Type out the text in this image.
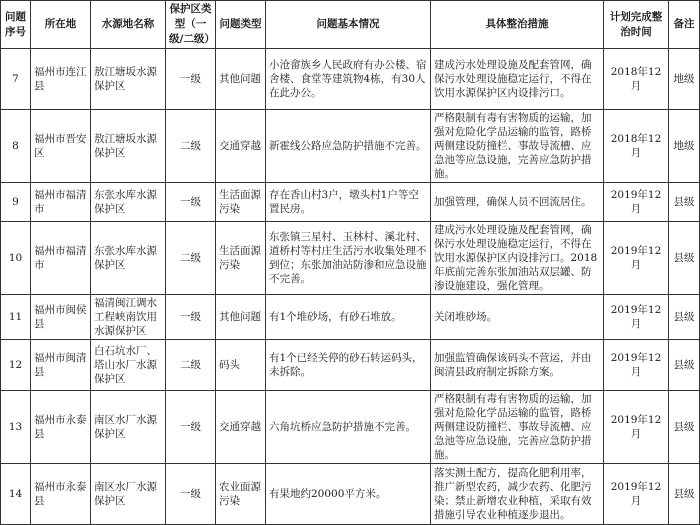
问题序号	所在地	水源地名称	保护区类型（一级/二级）	问题类型	问题基本情况	具体整治措施	计划完成整治时间	备注
7	福州市连江县	敖江塘坂水源保护区	一级	其他问题	小沧畲族乡人民政府有办公楼、宿舍楼、食堂等建筑物4栋，有30人在此办公。	建成污水处理设施及配套管网，确保污水处理设施稳定运行，不得在饮用水源保护区内设排污口。	2018年12月	地级
8	福州市晋安区	敖江塘坂水源保护区	二级	交通穿越	新霍线公路应急防护措施不完善。	严格限制有毒有害物质的运输，加强对危险化学品运输的监管，路桥两侧建设防撞栏、事故导流槽、应急池等应急设施，完善应急防护措施。	2018年12月	地级
9	福州市福清市	东张水库水源保护区	一级	生活面源污染	存在香山村3户，墩头村1户等空置民房。	加强管理，确保人员不回流居住。	2019年12月	县级
10	福州市福清市	东张水库水源保护区	二级	生活面源污染	东张镇三星村、玉林村、溪北村、道桥村等村庄生活污水收集处理不到位；东张加油站防渗和应急设施不完善。	建成污水处理设施及配套管网，确保污水处理设施稳定运行，不得在饮用水源保护区内设排污口。2018年底前完善东张加油站双层罐、防渗设施建设，强化管理。	2019年12月	县级
11	福州市闽侯县	福清闽江调水工程峡南饮用水源保护区	一级	其他问题	有1个堆砂场，有砂石堆放。	关闭堆砂场。	2019年12月	县级
12	福州市闽清县	白石坑水厂、塔山水厂水源保护区	二级	码头	有1个已经关停的砂石转运码头，未拆除。	加强监管确保该码头不营运，并由闽清县政府制定拆除方案。	2019年12月	县级
13	福州市永泰县	南区水厂水源保护区	一级	交通穿越	六角坑桥应急防护措施不完善。	严格限制有毒有害物质的运输，加强对危险化学品运输的监管，路桥两侧建设防撞栏、事故导流槽、应急池等应急设施，完善应急防护措施。	2019年12月	县级
14	福州市永泰县	南区水厂水源保护区	一级	农业面源污染	有果地约20000平方米。	落实测土配方，提高化肥利用率，推广新型农药，减少农药、化肥污染；禁止新增农业种植，采取有效措施引导农业种植逐步退出。	2019年12月	县级
